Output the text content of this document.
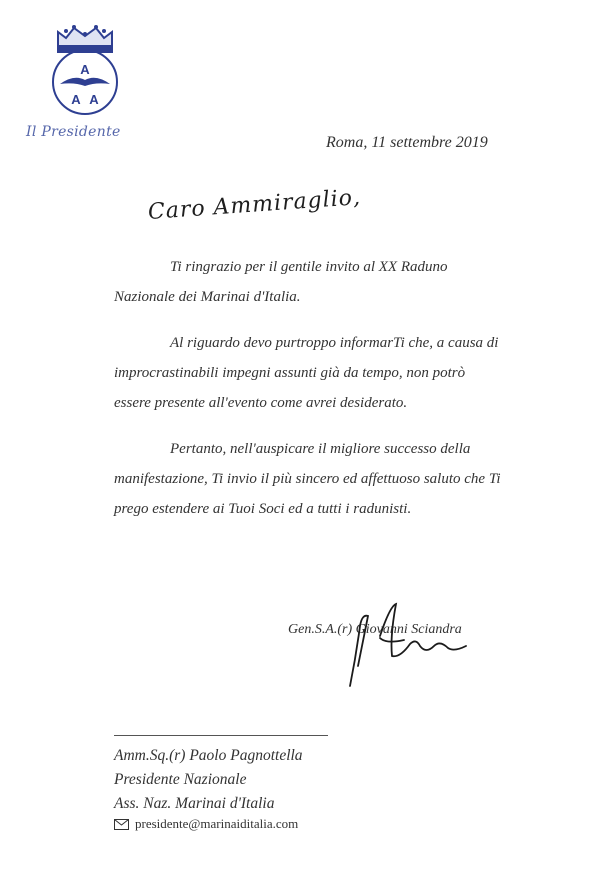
A
A A
Il Presidente
Roma, 11 settembre 2019
Caro Ammiraglio,

Ti ringrazio per il gentile invito al XX Raduno Nazionale dei Marinai d'Italia.

Al riguardo devo purtroppo informarTi che, a causa di improcrastinabili impegni assunti già da tempo, non potrò essere presente all'evento come avrei desiderato.

Pertanto, nell'auspicare il migliore successo della manifestazione, Ti invio il più sincero ed affettuoso saluto che Ti prego estendere ai Tuoi Soci ed a tutti i radunisti.

Gen.S.A.(r) Giovanni Sciandra
Amm.Sq.(r) Paolo Pagnottella
Presidente Nazionale
Ass. Naz. Marinai d'Italia
presidente@marinaiditalia.com
